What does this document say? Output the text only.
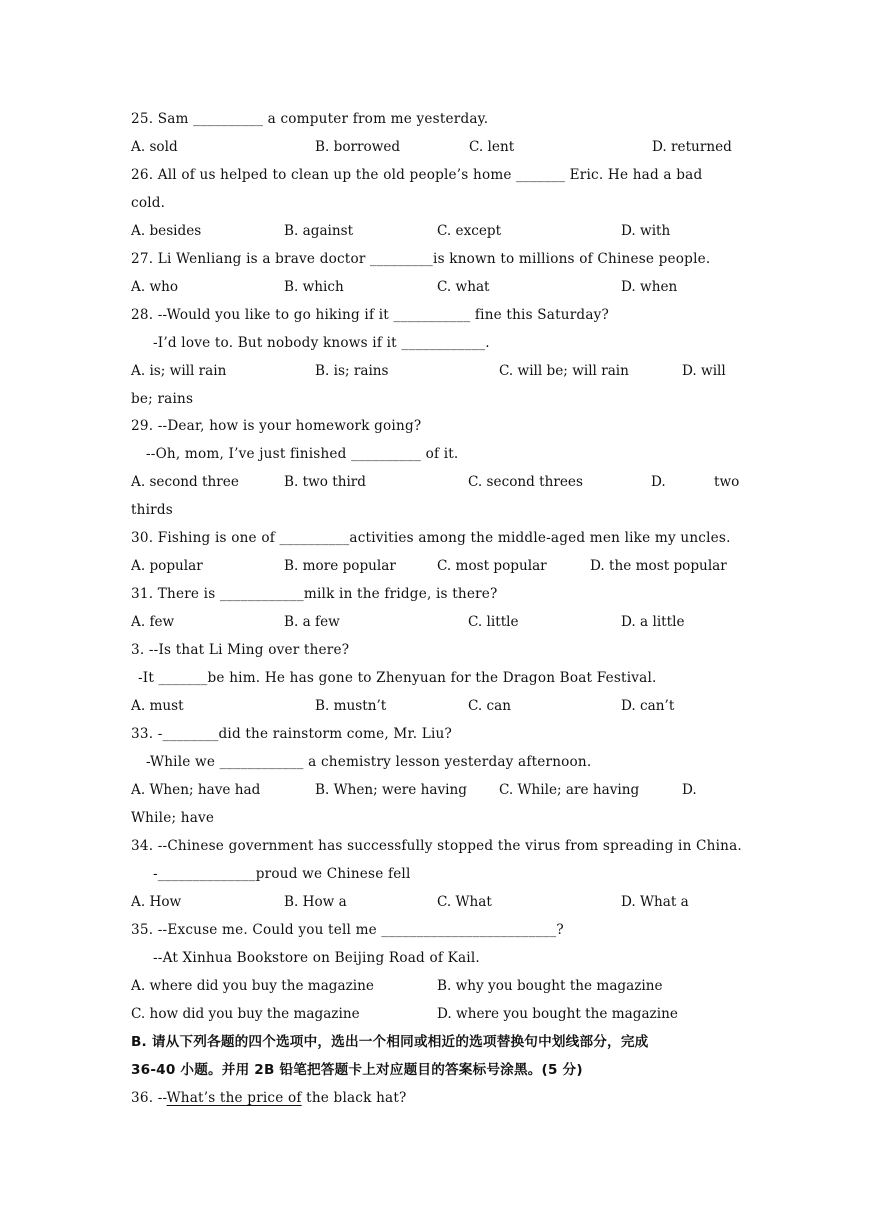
25. Sam __________ a computer from me yesterday.
A. sold	B. borrowed	C. lent	D. returned
26. All of us helped to clean up the old people’s home _______ Eric. He had a bad
cold.
A. besides	B. against	C. except	D. with
27. Li Wenliang is a brave doctor _________is known to millions of Chinese people.
A. who	B. which	C. what	D. when
28. --Would you like to go hiking if it ___________ fine this Saturday?
-I’d love to. But nobody knows if it ____________.
A. is; will rain	B. is; rains	C. will be; will rain	D. will
be; rains
29. --Dear, how is your homework going?
--Oh, mom, I’ve just finished __________ of it.
A. second three	B. two third	C. second threes	D.	two
thirds
30. Fishing is one of __________activities among the middle-aged men like my uncles.
A. popular	B. more popular	C. most popular	D. the most popular
31. There is ____________milk in the fridge, is there?
A. few	B. a few	C. little	D. a little
3. --Is that Li Ming over there?
-It _______be him. He has gone to Zhenyuan for the Dragon Boat Festival.
A. must	B. mustn’t	C. can	D. can’t
33. -________did the rainstorm come, Mr. Liu?
-While we ____________ a chemistry lesson yesterday afternoon.
A. When; have had	B. When; were having C. While; are having	D.
While; have
34. --Chinese government has successfully stopped the virus from spreading in China.
-______________proud we Chinese fell
A. How	B. How a	C. What	D. What a
35. --Excuse me. Could you tell me _________________________?
--At Xinhua Bookstore on Beijing Road of Kail.
A. where did you buy the magazine	B. why you bought the magazine
C. how did you buy the magazine	D. where you bought the magazine
B. 请从下列各题的四个选项中，选出一个相同或相近的选项替换句中划线部分，完成
36-40 小题。并用 2B 铅笔把答题卡上对应题目的答案标号涂黑。(5 分)
36. --What’s the price of the black hat?
